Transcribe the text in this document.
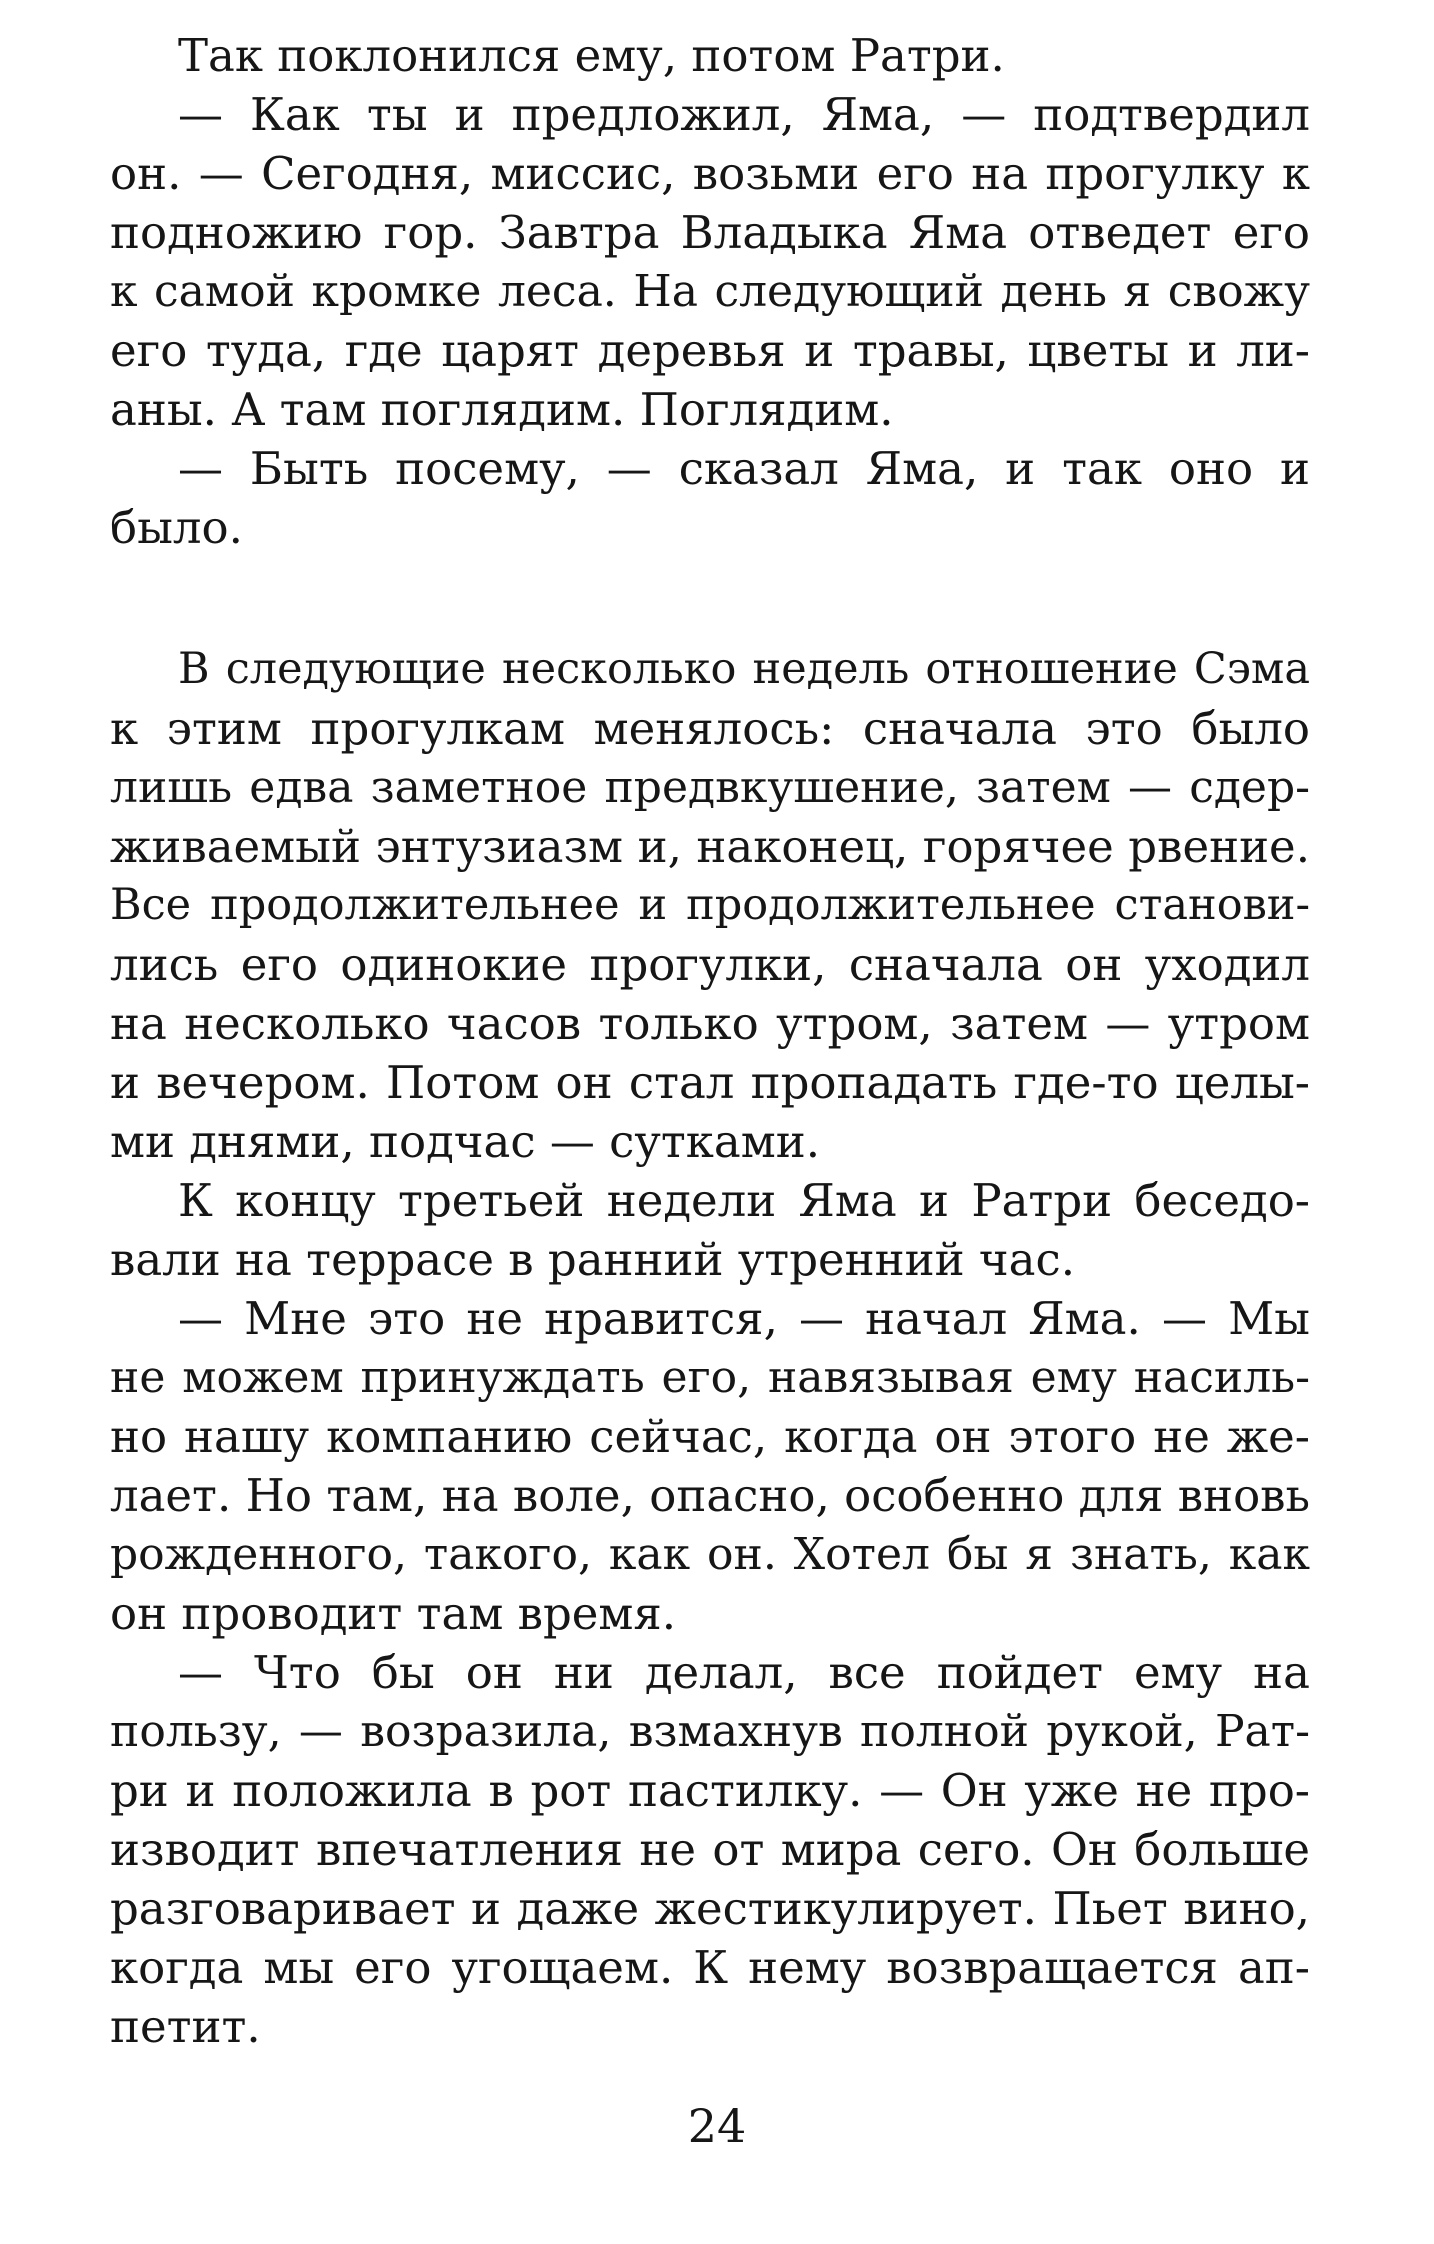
Так поклонился ему, потом Ратри.
— Как ты и предложил, Яма, — подтвердил
он. — Сегодня, миссис, возьми его на прогулку к
подножию гор. Завтра Владыка Яма отведет его
к самой кромке леса. На следующий день я свожу
его туда, где царят деревья и травы, цветы и ли-
аны. А там поглядим. Поглядим.
— Быть посему, — сказал Яма, и так оно и
было.
В следующие несколько недель отношение Сэма
к этим прогулкам менялось: сначала это было
лишь едва заметное предвкушение, затем — сдер-
живаемый энтузиазм и, наконец, горячее рвение.
Все продолжительнее и продолжительнее станови-
лись его одинокие прогулки, сначала он уходил
на несколько часов только утром, затем — утром
и вечером. Потом он стал пропадать где-то целы-
ми днями, подчас — сутками.
К концу третьей недели Яма и Ратри беседо-
вали на террасе в ранний утренний час.
— Мне это не нравится, — начал Яма. — Мы
не можем принуждать его, навязывая ему насиль-
но нашу компанию сейчас, когда он этого не же-
лает. Но там, на воле, опасно, особенно для вновь
рожденного, такого, как он. Хотел бы я знать, как
он проводит там время.
— Что бы он ни делал, все пойдет ему на
пользу, — возразила, взмахнув полной рукой, Рат-
ри и положила в рот пастилку. — Он уже не про-
изводит впечатления не от мира сего. Он больше
разговаривает и даже жестикулирует. Пьет вино,
когда мы его угощаем. К нему возвращается ап-
петит.
24
